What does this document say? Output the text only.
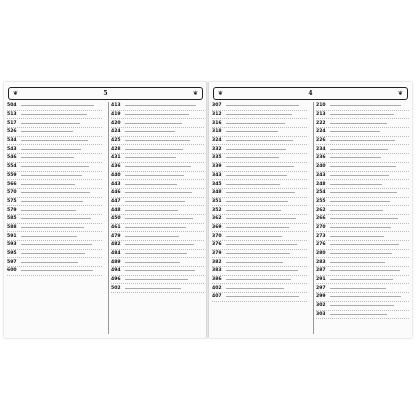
❦	5	❦
504
513
517
526
534
543
546
554
559
566
570
575
579
585
588
591
593
595
597
600
413
419
420
424
425
428
431
436
440
443
446
447
448
450
461
479
482
484
489
494
496
502
❦	4	❦
307
312
316
318
324
332
335
339
343
345
348
351
352
362
369
370
376
379
382
383
386
402
407
210
213
222
224
226
234
236
240
243
248
254
255
262
266
270
273
276
280
283
287
291
297
299
302
303
